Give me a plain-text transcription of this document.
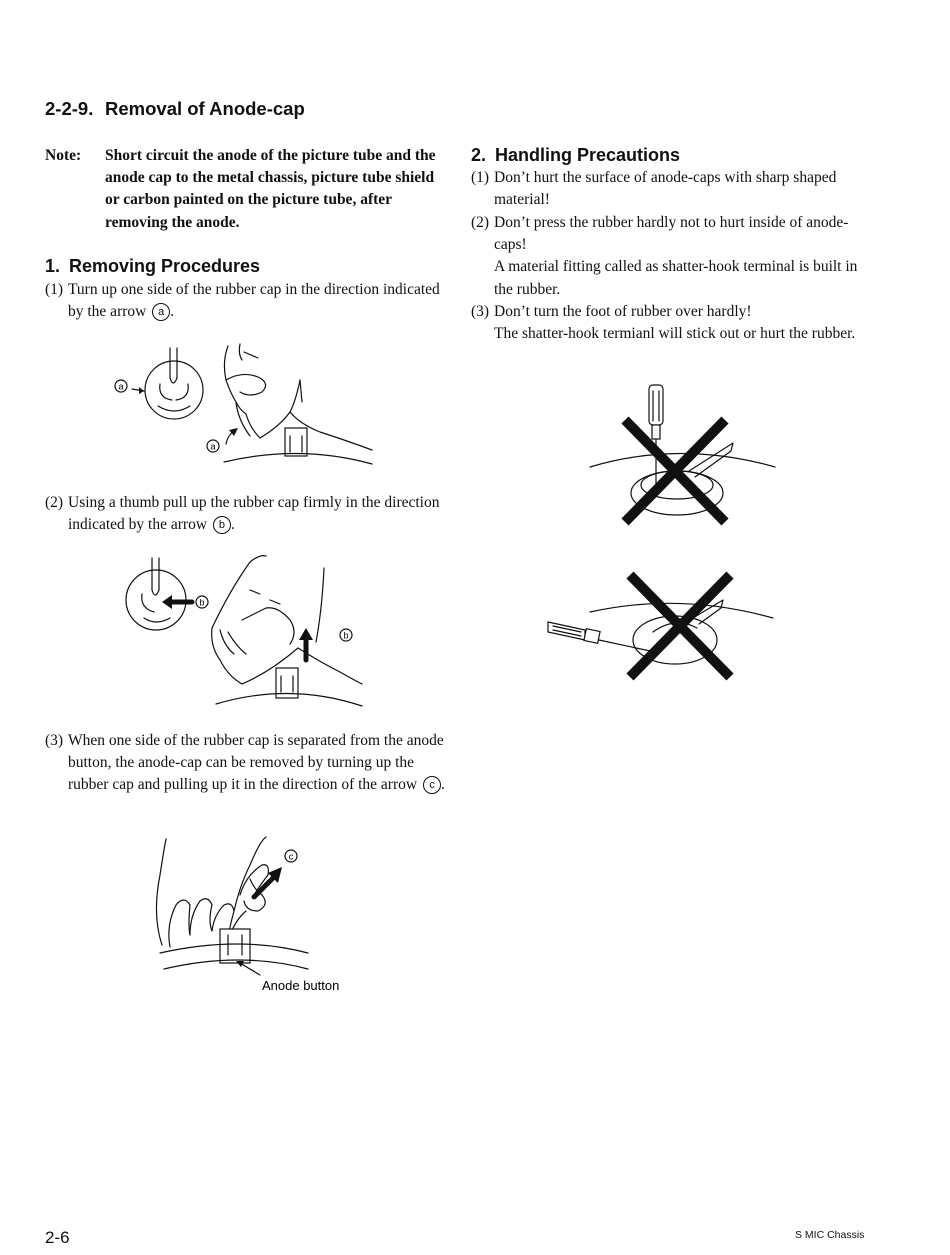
2-2-9. Removal of Anode-cap
Note: Short circuit the anode of the picture tube and the anode cap to the metal chassis, picture tube shield or carbon painted on the picture tube, after removing the anode.
1. Removing Procedures
(1) Turn up one side of the rubber cap in the direction indicated by the arrow a .
a
a
(2) Using a thumb pull up the rubber cap firmly in the direction indicated by the arrow b .
b
b
(3) When one side of the rubber cap is separated from the anode button, the anode-cap can be removed by turning up the rubber cap and pulling up it in the direction of the arrow c .
c
Anode button
2. Handling Precautions
(1) Don’t hurt the surface of anode-caps with sharp shaped material!
(2) Don’t press the rubber hardly not to hurt inside of anode-caps!
A material fitting called as shatter-hook terminal is built in the rubber.
(3) Don’t turn the foot of rubber over hardly!
The shatter-hook termianl will stick out or hurt the rubber.
2-6	S MIC Chassis
